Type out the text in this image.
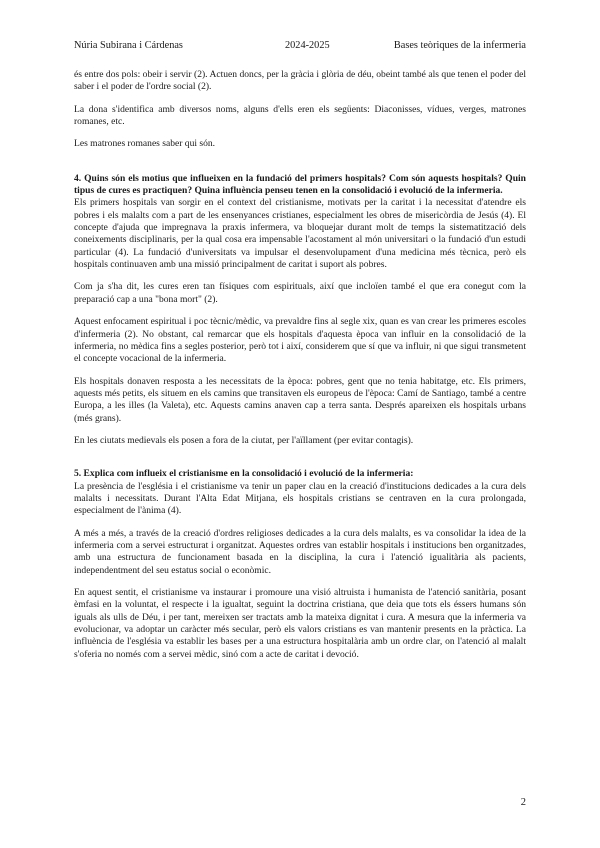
Núria Subirana i Cárdenas	2024-2025	Bases teòriques de la infermeria

és entre dos pols: obeir i servir (2). Actuen doncs, per la gràcia i glòria de déu, obeint també als que tenen el poder del saber i el poder de l'ordre social (2).

La dona s'identifica amb diversos noms, alguns d'ells eren els següents: Diaconisses, vídues, verges, matrones romanes, etc.

Les matrones romanes saber qui són.

4. Quins són els motius que influeixen en la fundació del primers hospitals? Com són aquests hospitals? Quin tipus de cures es practiquen? Quina influència penseu tenen en la consolidació i evolució de la infermeria.

Els primers hospitals van sorgir en el context del cristianisme, motivats per la caritat i la necessitat d'atendre els pobres i els malalts com a part de les ensenyances cristianes, especialment les obres de misericòrdia de Jesús (4). El concepte d'ajuda que impregnava la praxis infermera, va bloquejar durant molt de temps la sistematització dels coneixements disciplinaris, per la qual cosa era impensable l'acostament al món universitari o la fundació d'un estudi particular (4). La fundació d'universitats va impulsar el desenvolupament d'una medicina més tècnica, però els hospitals continuaven amb una missió principalment de caritat i suport als pobres.

Com ja s'ha dit, les cures eren tan físiques com espirituals, així que incloïen també el que era conegut com la preparació cap a una "bona mort" (2).

Aquest enfocament espiritual i poc tècnic/mèdic, va prevaldre fins al segle xix, quan es van crear les primeres escoles d'infermeria (2). No obstant, cal remarcar que els hospitals d'aquesta època van influir en la consolidació de la infermeria, no mèdica fins a segles posterior, però tot i així, considerem que sí que va influir, ni que sigui transmetent el concepte vocacional de la infermeria.

Els hospitals donaven resposta a les necessitats de la època: pobres, gent que no tenia habitatge, etc. Els primers, aquests més petits, els situem en els camins que transitaven els europeus de l'època: Camí de Santiago, també a centre Europa, a les illes (la Valeta), etc. Aquests camins anaven cap a terra santa. Després apareixen els hospitals urbans (més grans).

En les ciutats medievals els posen a fora de la ciutat, per l'aïllament (per evitar contagis).

5. Explica com influeix el cristianisme en la consolidació i evolució de la infermeria:

La presència de l'església i el cristianisme va tenir un paper clau en la creació d'institucions dedicades a la cura dels malalts i necessitats. Durant l'Alta Edat Mitjana, els hospitals cristians se centraven en la cura prolongada, especialment de l'ànima (4).

A més a més, a través de la creació d'ordres religioses dedicades a la cura dels malalts, es va consolidar la idea de la infermeria com a servei estructurat i organitzat. Aquestes ordres van establir hospitals i institucions ben organitzades, amb una estructura de funcionament basada en la disciplina, la cura i l'atenció igualitària als pacients, independentment del seu estatus social o econòmic.

En aquest sentit, el cristianisme va instaurar i promoure una visió altruista i humanista de l'atenció sanitària, posant èmfasi en la voluntat, el respecte i la igualtat, seguint la doctrina cristiana, que deia que tots els éssers humans són iguals als ulls de Déu, i per tant, mereixen ser tractats amb la mateixa dignitat i cura. A mesura que la infermeria va evolucionar, va adoptar un caràcter més secular, però els valors cristians es van mantenir presents en la pràctica. La influència de l'església va establir les bases per a una estructura hospitalària amb un ordre clar, on l'atenció al malalt s'oferia no només com a servei mèdic, sinó com a acte de caritat i devoció.

2
